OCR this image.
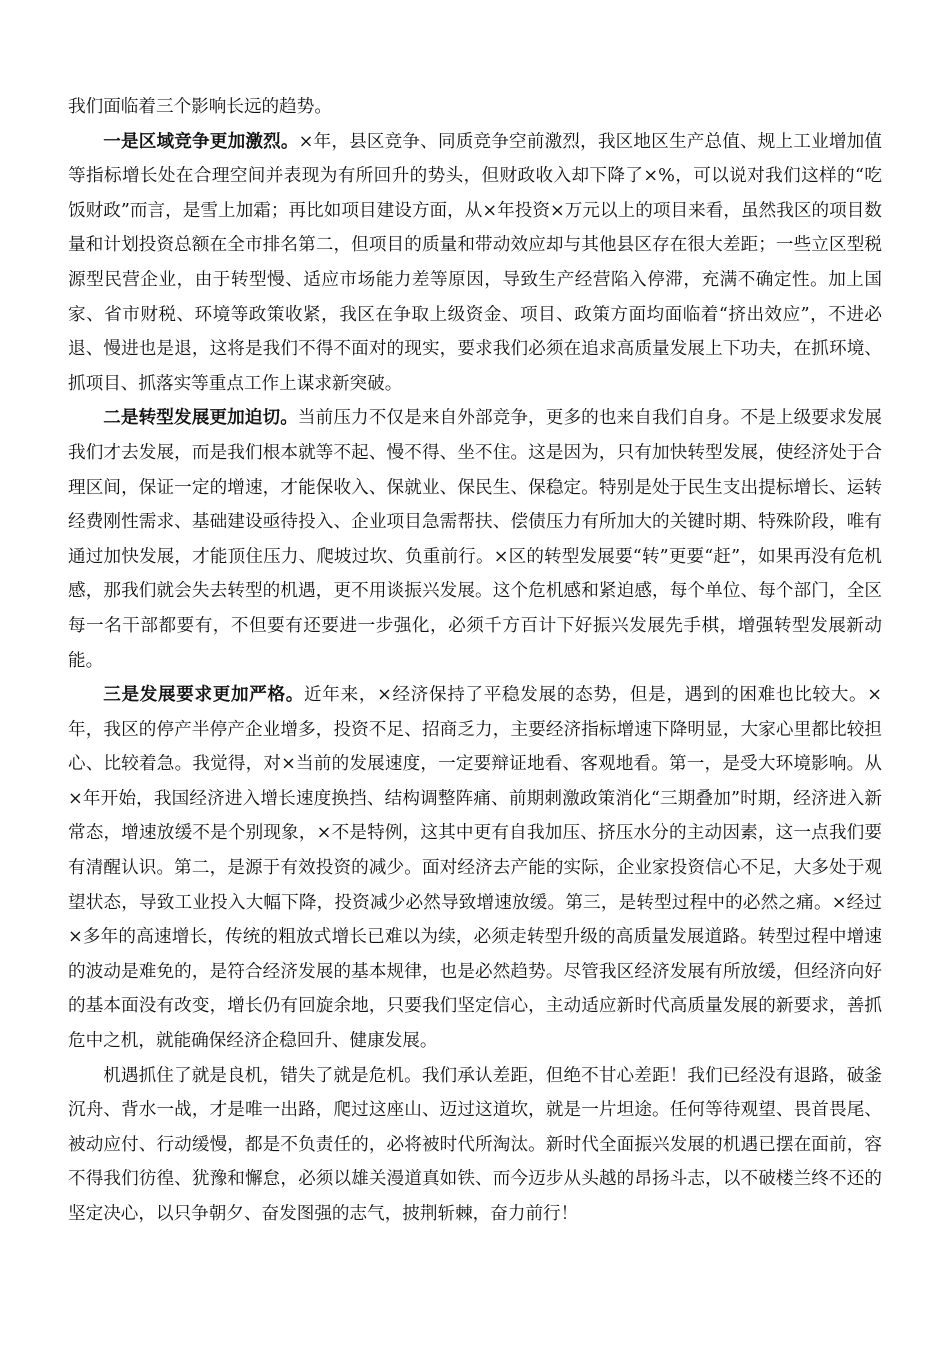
我们面临着三个影响长远的趋势。

一是区域竞争更加激烈。×年，县区竞争、同质竞争空前激烈，我区地区生产总值、规上工业增加值等指标增长处在合理空间并表现为有所回升的势头，但财政收入却下降了×%，可以说对我们这样的“吃饭财政”而言，是雪上加霜；再比如项目建设方面，从×年投资×万元以上的项目来看，虽然我区的项目数量和计划投资总额在全市排名第二，但项目的质量和带动效应却与其他县区存在很大差距；一些立区型税源型民营企业，由于转型慢、适应市场能力差等原因，导致生产经营陷入停滞，充满不确定性。加上国家、省市财税、环境等政策收紧，我区在争取上级资金、项目、政策方面均面临着“挤出效应”，不进必退、慢进也是退，这将是我们不得不面对的现实，要求我们必须在追求高质量发展上下功夫，在抓环境、抓项目、抓落实等重点工作上谋求新突破。

二是转型发展更加迫切。当前压力不仅是来自外部竞争，更多的也来自我们自身。不是上级要求发展我们才去发展，而是我们根本就等不起、慢不得、坐不住。这是因为，只有加快转型发展，使经济处于合理区间，保证一定的增速，才能保收入、保就业、保民生、保稳定。特别是处于民生支出提标增长、运转经费刚性需求、基础建设亟待投入、企业项目急需帮扶、偿债压力有所加大的关键时期、特殊阶段，唯有通过加快发展，才能顶住压力、爬坡过坎、负重前行。×区的转型发展要“转”更要“赶”，如果再没有危机感，那我们就会失去转型的机遇，更不用谈振兴发展。这个危机感和紧迫感，每个单位、每个部门，全区每一名干部都要有，不但要有还要进一步强化，必须千方百计下好振兴发展先手棋，增强转型发展新动能。

三是发展要求更加严格。近年来，×经济保持了平稳发展的态势，但是，遇到的困难也比较大。×年，我区的停产半停产企业增多，投资不足、招商乏力，主要经济指标增速下降明显，大家心里都比较担心、比较着急。我觉得，对×当前的发展速度，一定要辩证地看、客观地看。第一，是受大环境影响。从×年开始，我国经济进入增长速度换挡、结构调整阵痛、前期刺激政策消化“三期叠加”时期，经济进入新常态，增速放缓不是个别现象，×不是特例，这其中更有自我加压、挤压水分的主动因素，这一点我们要有清醒认识。第二，是源于有效投资的减少。面对经济去产能的实际，企业家投资信心不足，大多处于观望状态，导致工业投入大幅下降，投资减少必然导致增速放缓。第三，是转型过程中的必然之痛。×经过×多年的高速增长，传统的粗放式增长已难以为续，必须走转型升级的高质量发展道路。转型过程中增速的波动是难免的，是符合经济发展的基本规律，也是必然趋势。尽管我区经济发展有所放缓，但经济向好的基本面没有改变，增长仍有回旋余地，只要我们坚定信心，主动适应新时代高质量发展的新要求，善抓危中之机，就能确保经济企稳回升、健康发展。

机遇抓住了就是良机，错失了就是危机。我们承认差距，但绝不甘心差距！我们已经没有退路，破釜沉舟、背水一战，才是唯一出路，爬过这座山、迈过这道坎，就是一片坦途。任何等待观望、畏首畏尾、被动应付、行动缓慢，都是不负责任的，必将被时代所淘汰。新时代全面振兴发展的机遇已摆在面前，容不得我们彷徨、犹豫和懈怠，必须以雄关漫道真如铁、而今迈步从头越的昂扬斗志，以不破楼兰终不还的坚定决心，以只争朝夕、奋发图强的志气，披荆斩棘，奋力前行！
